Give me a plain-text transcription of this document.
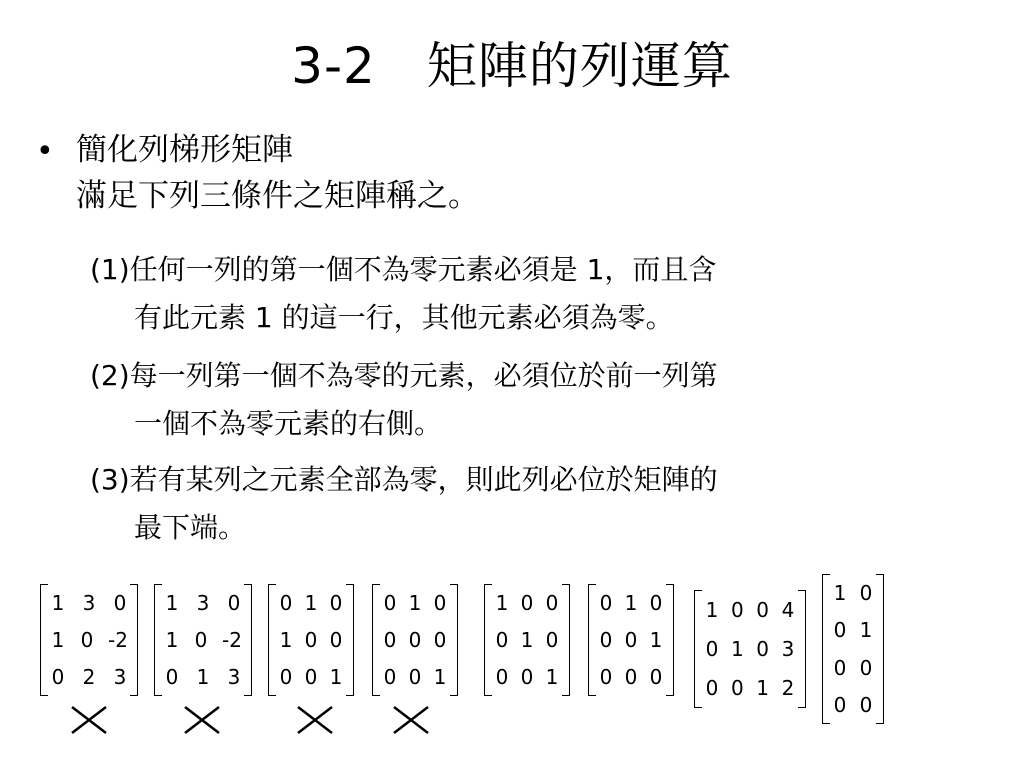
3-2　矩陣的列運算
• 簡化列梯形矩陣
滿足下列三條件之矩陣稱之。
(1)任何一列的第一個不為零元素必須是 1，而且含
有此元素 1 的這一行，其他元素必須為零。
(2)每一列第一個不為零的元素，必須位於前一列第
一個不為零元素的右側。
(3)若有某列之元素全部為零，則此列必位於矩陣的
最下端。
1 3 0
1 0 -2
0 2 3
1 3 0
1 0 -2
0 1 3
0 1 0
1 0 0
0 0 1
0 1 0
0 0 0
0 0 1
1 0 0
0 1 0
0 0 1
0 1 0
0 0 1
0 0 0
1 0 0 4
0 1 0 3
0 0 1 2
1 0
0 1
0 0
0 0
